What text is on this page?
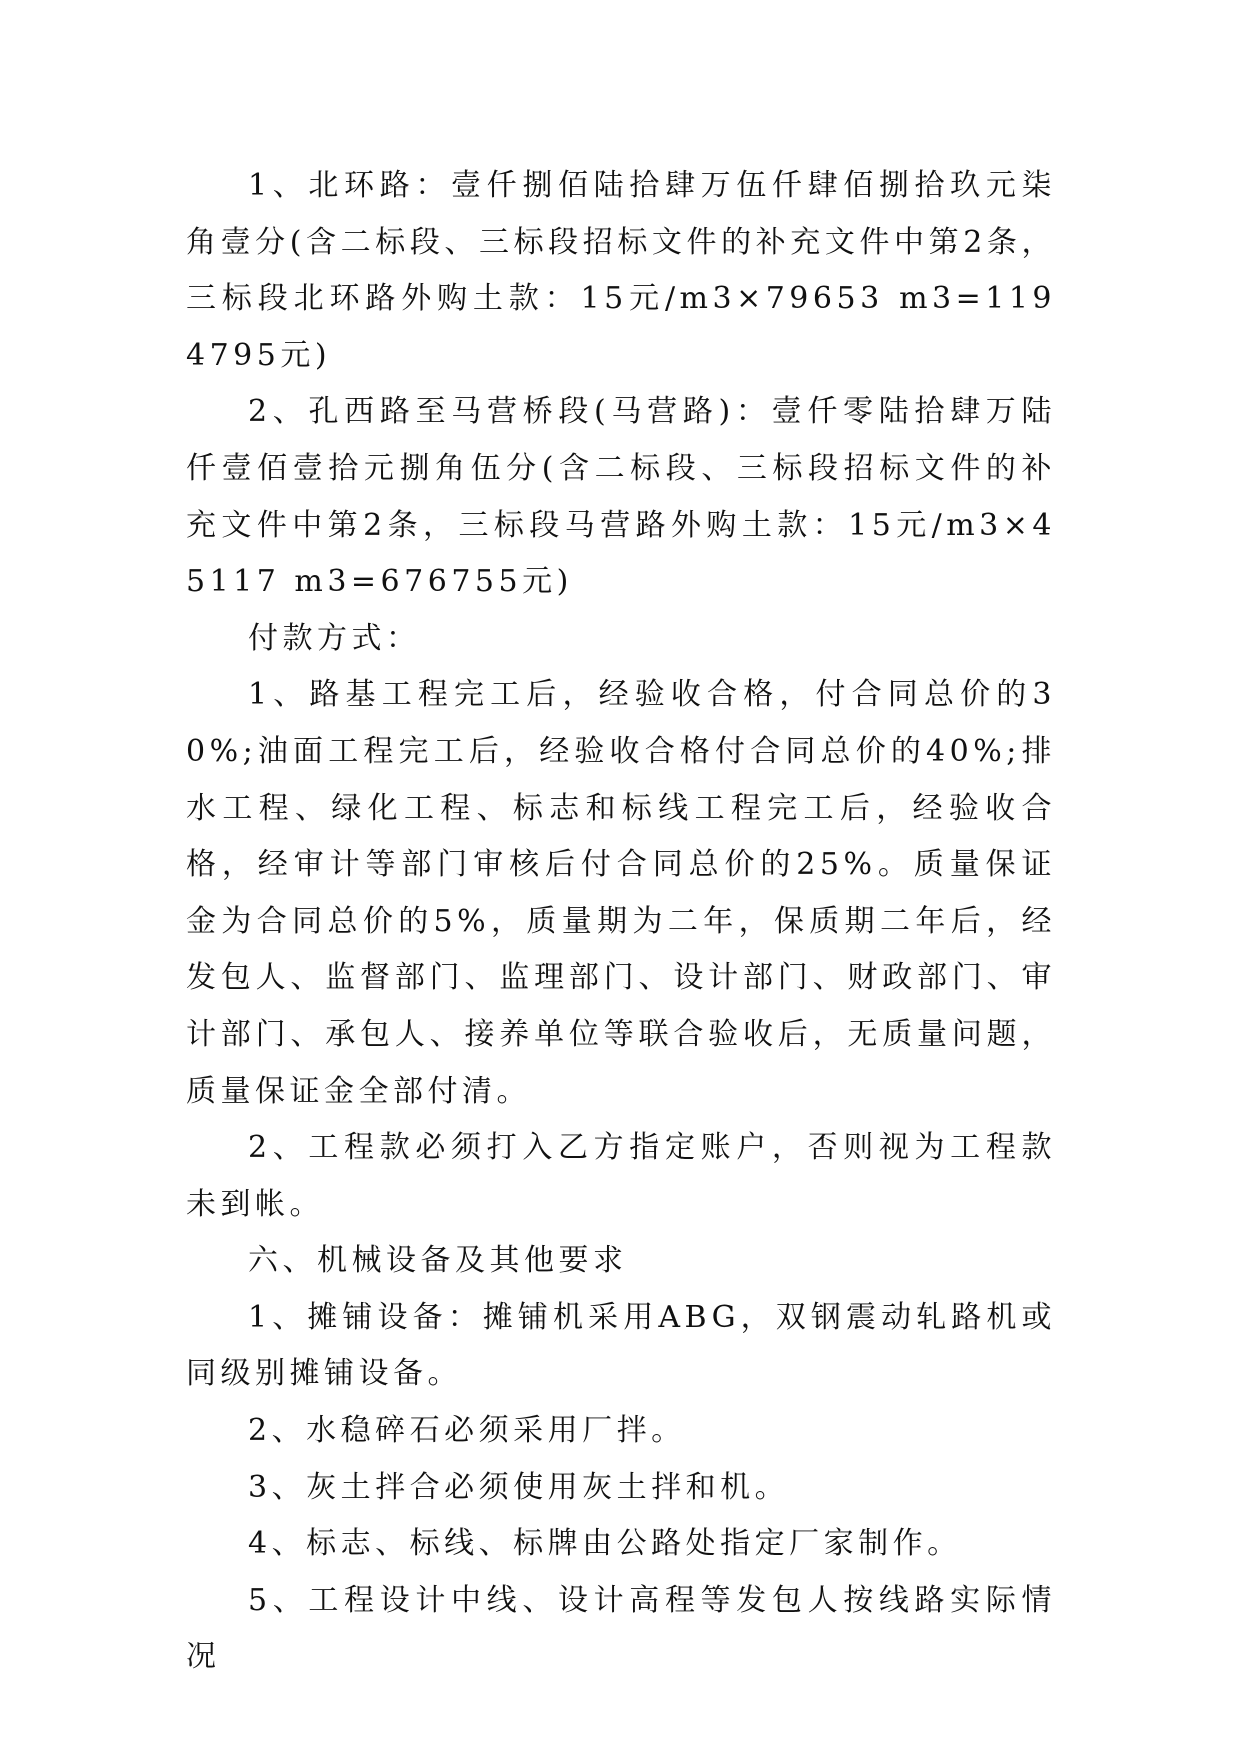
1、北环路：壹仟捌佰陆拾肆万伍仟肆佰捌拾玖元柒角壹分(含二标段、三标段招标文件的补充文件中第2条，三标段北环路外购土款：15元/m3×79653 m3=1194795元)

2、孔西路至马营桥段(马营路)：壹仟零陆拾肆万陆仟壹佰壹拾元捌角伍分(含二标段、三标段招标文件的补充文件中第2条，三标段马营路外购土款：15元/m3×45117 m3=676755元)

付款方式：

1、路基工程完工后，经验收合格，付合同总价的30%;油面工程完工后，经验收合格付合同总价的40%;排水工程、绿化工程、标志和标线工程完工后，经验收合格，经审计等部门审核后付合同总价的25%。质量保证金为合同总价的5%，质量期为二年，保质期二年后，经发包人、监督部门、监理部门、设计部门、财政部门、审计部门、承包人、接养单位等联合验收后，无质量问题，质量保证金全部付清。

2、工程款必须打入乙方指定账户，否则视为工程款未到帐。

六、机械设备及其他要求

1、摊铺设备：摊铺机采用ABG，双钢震动轧路机或同级别摊铺设备。

2、水稳碎石必须采用厂拌。

3、灰土拌合必须使用灰土拌和机。

4、标志、标线、标牌由公路处指定厂家制作。

5、工程设计中线、设计高程等发包人按线路实际情况
